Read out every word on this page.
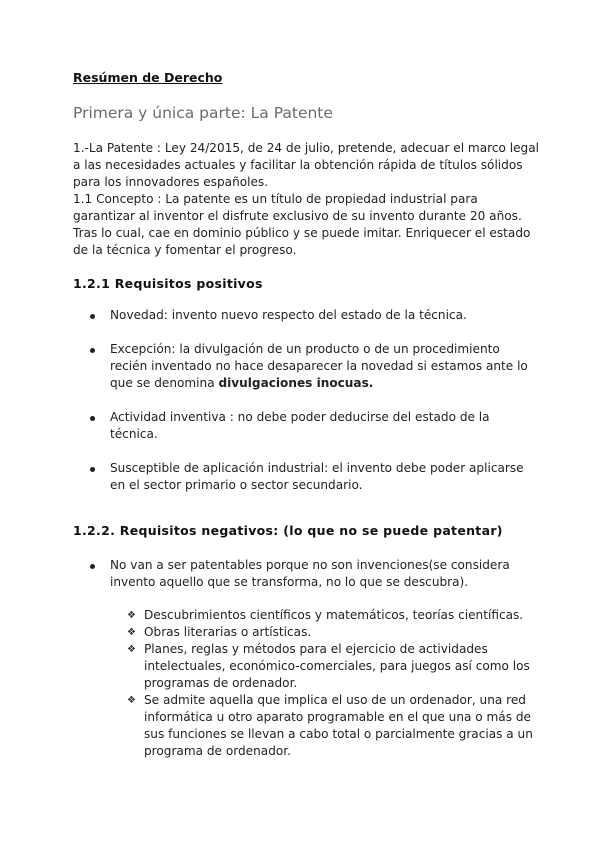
Resúmen de Derecho
Primera y única parte: La Patente

1.-La Patente : Ley 24/2015, de 24 de julio, pretende, adecuar el marco legal a las necesidades actuales y facilitar la obtención rápida de títulos sólidos para los innovadores españoles.

1.1 Concepto : La patente es un título de propiedad industrial para garantizar al inventor el disfrute exclusivo de su invento durante 20 años. Tras lo cual, cae en dominio público y se puede imitar. Enriquecer el estado de la técnica y fomentar el progreso.

1.2.1 Requisitos positivos
Novedad: invento nuevo respecto del estado de la técnica.
Excepción: la divulgación de un producto o de un procedimiento recién inventado no hace desaparecer la novedad si estamos ante lo que se denomina divulgaciones inocuas.
Actividad inventiva : no debe poder deducirse del estado de la técnica.
Susceptible de aplicación industrial: el invento debe poder aplicarse en el sector primario o sector secundario.
1.2.2. Requisitos negativos: (lo que no se puede patentar)
No van a ser patentables porque no son invenciones(se considera invento aquello que se transforma, no lo que se descubra).
❖ Descubrimientos científicos y matemáticos, teorías científicas.
❖ Obras literarias o artísticas.
❖ Planes, reglas y métodos para el ejercicio de actividades intelectuales, económico-comerciales, para juegos así como los programas de ordenador.
❖ Se admite aquella que implica el uso de un ordenador, una red informática u otro aparato programable en el que una o más de sus funciones se llevan a cabo total o parcialmente gracias a un programa de ordenador.
